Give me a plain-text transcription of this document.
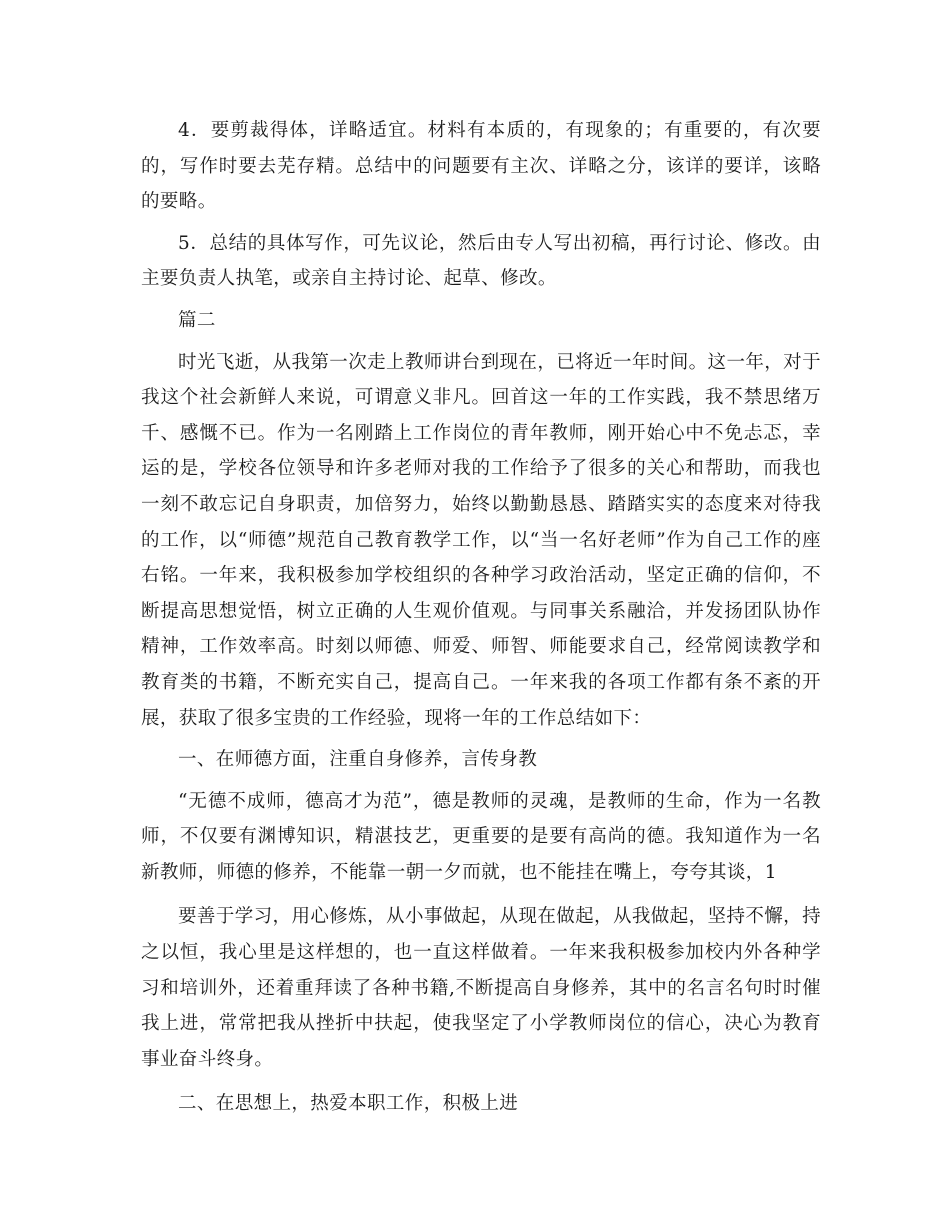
4．要剪裁得体，详略适宜。材料有本质的，有现象的；有重要的，有次要的，写作时要去芜存精。总结中的问题要有主次、详略之分，该详的要详，该略的要略。

5．总结的具体写作，可先议论，然后由专人写出初稿，再行讨论、修改。由主要负责人执笔，或亲自主持讨论、起草、修改。

篇二

时光飞逝，从我第一次走上教师讲台到现在，已将近一年时间。这一年，对于我这个社会新鲜人来说，可谓意义非凡。回首这一年的工作实践，我不禁思绪万千、感慨不已。作为一名刚踏上工作岗位的青年教师，刚开始心中不免忐忑，幸运的是，学校各位领导和许多老师对我的工作给予了很多的关心和帮助，而我也一刻不敢忘记自身职责，加倍努力，始终以勤勤恳恳、踏踏实实的态度来对待我的工作，以“师德”规范自己教育教学工作，以“当一名好老师”作为自己工作的座右铭。一年来，我积极参加学校组织的各种学习政治活动，坚定正确的信仰，不断提高思想觉悟，树立正确的人生观价值观。与同事关系融洽，并发扬团队协作精神，工作效率高。时刻以师德、师爱、师智、师能要求自己，经常阅读教学和教育类的书籍，不断充实自己，提高自己。一年来我的各项工作都有条不紊的开展，获取了很多宝贵的工作经验，现将一年的工作总结如下：

一、在师德方面，注重自身修养，言传身教

“无德不成师，德高才为范”，德是教师的灵魂，是教师的生命，作为一名教师，不仅要有渊博知识，精湛技艺，更重要的是要有高尚的德。我知道作为一名新教师，师德的修养，不能靠一朝一夕而就，也不能挂在嘴上，夸夸其谈，1

要善于学习，用心修炼，从小事做起，从现在做起，从我做起，坚持不懈，持之以恒，我心里是这样想的，也一直这样做着。一年来我积极参加校内外各种学习和培训外，还着重拜读了各种书籍,不断提高自身修养，其中的名言名句时时催我上进，常常把我从挫折中扶起，使我坚定了小学教师岗位的信心，决心为教育事业奋斗终身。

二、在思想上，热爱本职工作，积极上进
